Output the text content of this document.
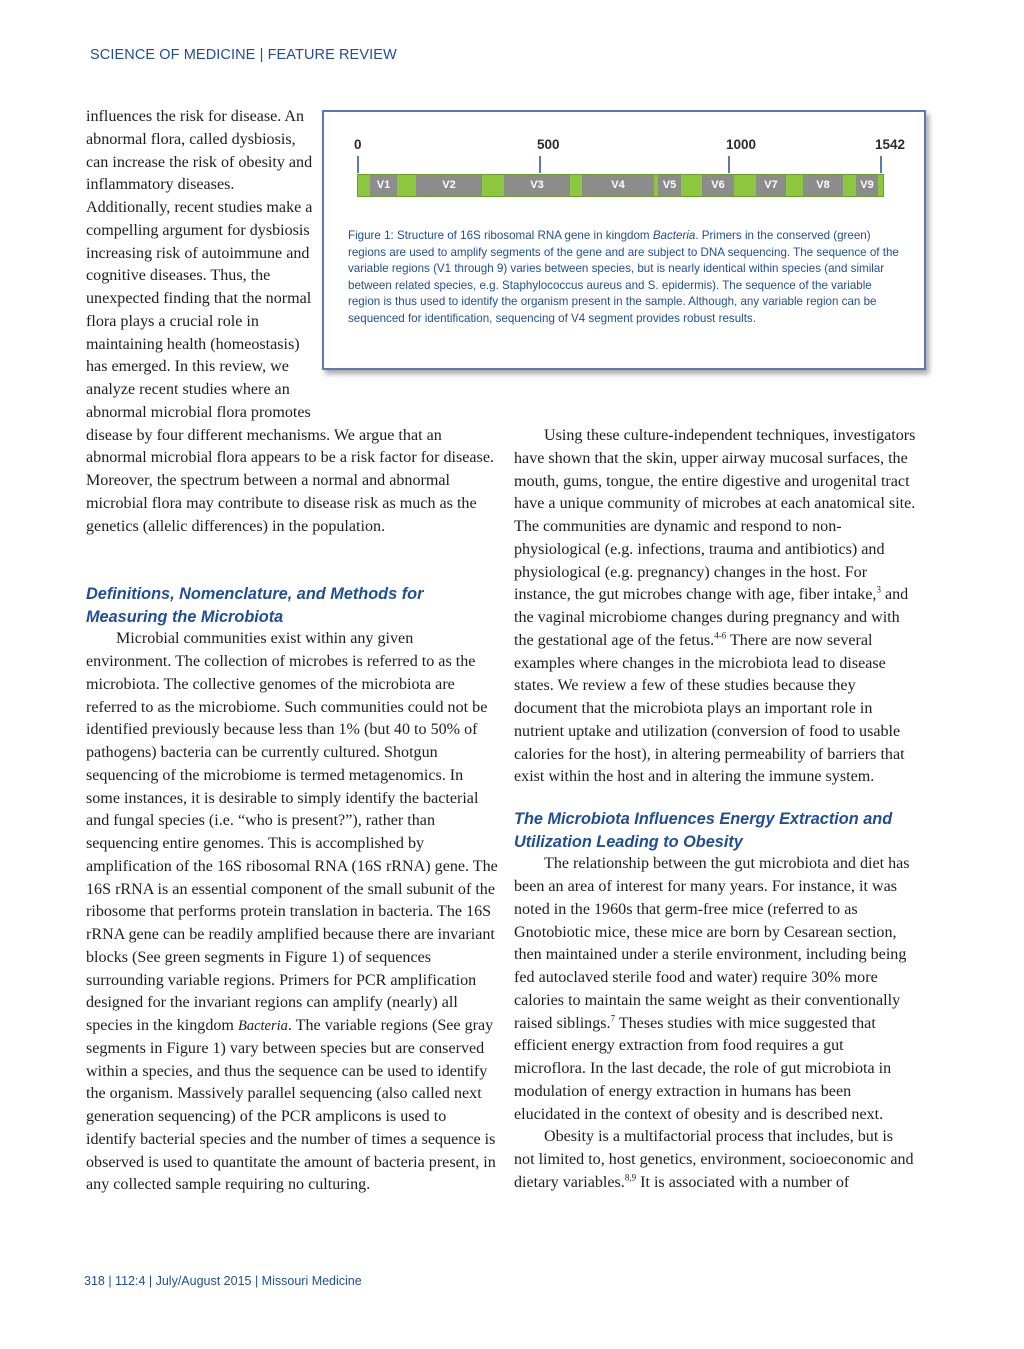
SCIENCE OF MEDICINE | FEATURE REVIEW
0	500	1000	1542
V1	V2	V3	V4	V5	V6	V7	V8	V9
Figure 1: Structure of 16S ribosomal RNA gene in kingdom Bacteria. Primers in the conserved (green) regions are used to amplify segments of the gene and are subject to DNA sequencing. The sequence of the variable regions (V1 through 9) varies between species, but is nearly identical within species (and similar between related species, e.g. Staphylococcus aureus and S. epidermis). The sequence of the variable region is thus used to identify the organism present in the sample. Although, any variable region can be sequenced for identification, sequencing of V4 segment provides robust results.

influences the risk for disease. An abnormal flora, called dysbiosis, can increase the risk of obesity and inflammatory diseases. Additionally, recent studies make a compelling argument for dysbiosis increasing risk of autoimmune and cognitive diseases. Thus, the unexpected finding that the normal flora plays a crucial role in maintaining health (homeostasis) has emerged. In this review, we analyze recent studies where an abnormal microbial flora promotes disease by four different mechanisms. We argue that an abnormal microbial flora appears to be a risk factor for disease. Moreover, the spectrum between a normal and abnormal microbial flora may contribute to disease risk as much as the genetics (allelic differences) in the population.

Definitions, Nomenclature, and Methods for Measuring the Microbiota

Microbial communities exist within any given environment. The collection of microbes is referred to as the microbiota. The collective genomes of the microbiota are referred to as the microbiome. Such communities could not be identified previously because less than 1% (but 40 to 50% of pathogens) bacteria can be currently cultured. Shotgun sequencing of the microbiome is termed metagenomics. In some instances, it is desirable to simply identify the bacterial and fungal species (i.e. “who is present?”), rather than sequencing entire genomes. This is accomplished by amplification of the 16S ribosomal RNA (16S rRNA) gene. The 16S rRNA is an essential component of the small subunit of the ribosome that performs protein translation in bacteria. The 16S rRNA gene can be readily amplified because there are invariant blocks (See green segments in Figure 1) of sequences surrounding variable regions. Primers for PCR amplification designed for the invariant regions can amplify (nearly) all species in the kingdom Bacteria. The variable regions (See gray segments in Figure 1) vary between species but are conserved within a species, and thus the sequence can be used to identify the organism. Massively parallel sequencing (also called next generation sequencing) of the PCR amplicons is used to identify bacterial species and the number of times a sequence is observed is used to quantitate the amount of bacteria present, in any collected sample requiring no culturing.

Using these culture-independent techniques, investigators have shown that the skin, upper airway mucosal surfaces, the mouth, gums, tongue, the entire digestive and urogenital tract have a unique community of microbes at each anatomical site. The communities are dynamic and respond to non-physiological (e.g. infections, trauma and antibiotics) and physiological (e.g. pregnancy) changes in the host. For instance, the gut microbes change with age, fiber intake,$^3$ and the vaginal microbiome changes during pregnancy and with the gestational age of the fetus.$^{4-6}$ There are now several examples where changes in the microbiota lead to disease states. We review a few of these studies because they document that the microbiota plays an important role in nutrient uptake and utilization (conversion of food to usable calories for the host), in altering permeability of barriers that exist within the host and in altering the immune system.

The Microbiota Influences Energy Extraction and Utilization Leading to Obesity

The relationship between the gut microbiota and diet has been an area of interest for many years. For instance, it was noted in the 1960s that germ-free mice (referred to as Gnotobiotic mice, these mice are born by Cesarean section, then maintained under a sterile environment, including being fed autoclaved sterile food and water) require 30% more calories to maintain the same weight as their conventionally raised siblings.$^7$ Theses studies with mice suggested that efficient energy extraction from food requires a gut microflora. In the last decade, the role of gut microbiota in modulation of energy extraction in humans has been elucidated in the context of obesity and is described next.

Obesity is a multifactorial process that includes, but is not limited to, host genetics, environment, socioeconomic and dietary variables.$^{8,9}$ It is associated with a number of

318 | 112:4 | July/August 2015 | Missouri Medicine
